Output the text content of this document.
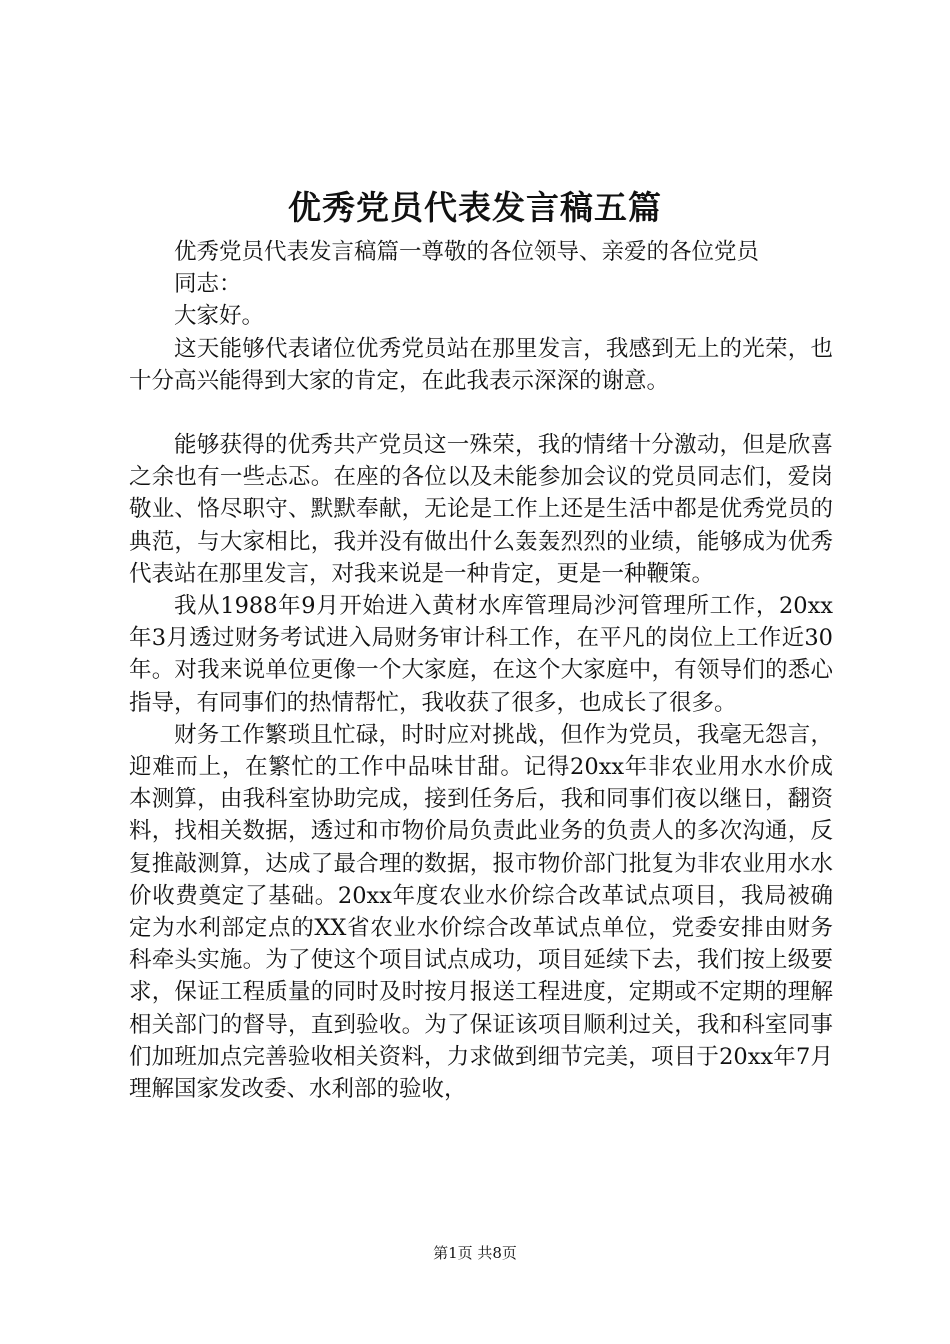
优秀党员代表发言稿五篇

优秀党员代表发言稿篇一尊敬的各位领导、亲爱的各位党员

同志：

大家好。

这天能够代表诸位优秀党员站在那里发言，我感到无上的光荣，也十分高兴能得到大家的肯定，在此我表示深深的谢意。

能够获得的优秀共产党员这一殊荣，我的情绪十分激动，但是欣喜之余也有一些忐忑。在座的各位以及未能参加会议的党员同志们，爱岗敬业、恪尽职守、默默奉献，无论是工作上还是生活中都是优秀党员的典范，与大家相比，我并没有做出什么轰轰烈烈的业绩，能够成为优秀代表站在那里发言，对我来说是一种肯定，更是一种鞭策。

我从1988年9月开始进入黄材水库管理局沙河管理所工作，20xx年3月透过财务考试进入局财务审计科工作，在平凡的岗位上工作近30年。对我来说单位更像一个大家庭，在这个大家庭中，有领导们的悉心指导，有同事们的热情帮忙，我收获了很多，也成长了很多。

财务工作繁琐且忙碌，时时应对挑战，但作为党员，我毫无怨言，迎难而上，在繁忙的工作中品味甘甜。记得20xx年非农业用水水价成本测算，由我科室协助完成，接到任务后，我和同事们夜以继日，翻资料，找相关数据，透过和市物价局负责此业务的负责人的多次沟通，反复推敲测算，达成了最合理的数据，报市物价部门批复为非农业用水水价收费奠定了基础。20xx年度农业水价综合改革试点项目，我局被确定为水利部定点的XX省农业水价综合改革试点单位，党委安排由财务科牵头实施。为了使这个项目试点成功，项目延续下去，我们按上级要求，保证工程质量的同时及时按月报送工程进度，定期或不定期的理解相关部门的督导，直到验收。为了保证该项目顺利过关，我和科室同事们加班加点完善验收相关资料，力求做到细节完美，项目于20xx年7月理解国家发改委、水利部的验收，

第1页 共8页
